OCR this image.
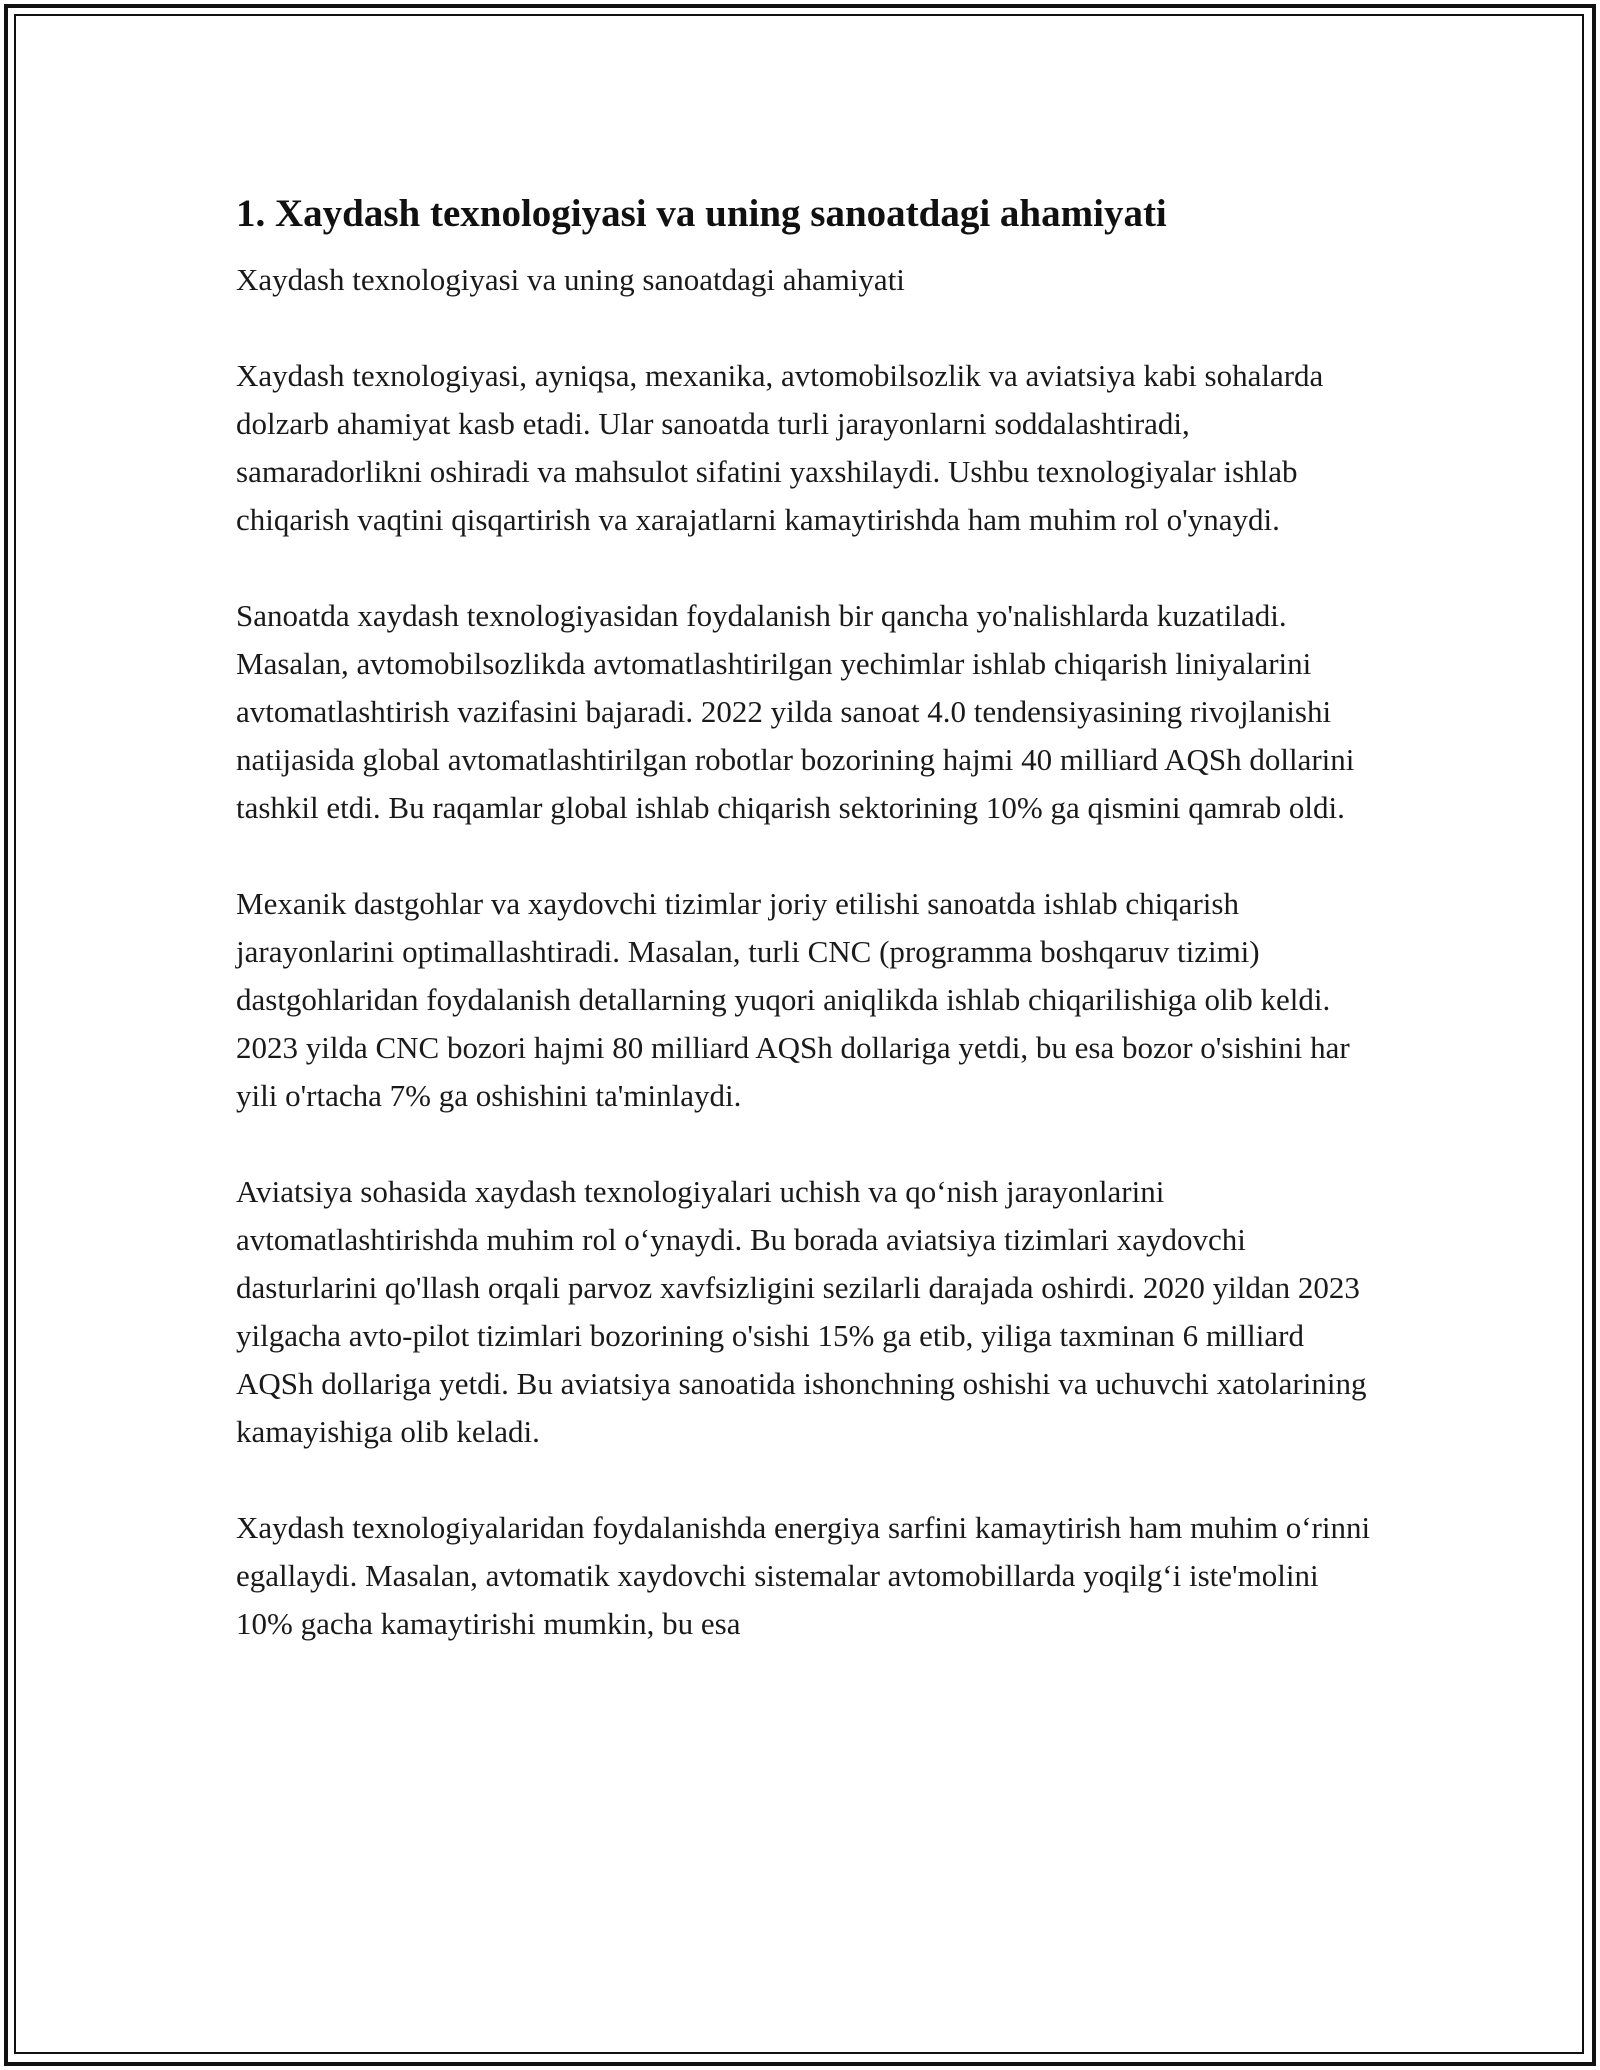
1. Xaydash texnologiyasi va uning sanoatdagi ahamiyati

Xaydash texnologiyasi va uning sanoatdagi ahamiyati

Xaydash texnologiyasi, ayniqsa, mexanika, avtomobilsozlik va aviatsiya kabi sohalarda dolzarb ahamiyat kasb etadi. Ular sanoatda turli jarayonlarni soddalashtiradi, samaradorlikni oshiradi va mahsulot sifatini yaxshilaydi. Ushbu texnologiyalar ishlab chiqarish vaqtini qisqartirish va xarajatlarni kamaytirishda ham muhim rol o'ynaydi.

Sanoatda xaydash texnologiyasidan foydalanish bir qancha yo'nalishlarda kuzatiladi. Masalan, avtomobilsozlikda avtomatlashtirilgan yechimlar ishlab chiqarish liniyalarini avtomatlashtirish vazifasini bajaradi. 2022 yilda sanoat 4.0 tendensiyasining rivojlanishi natijasida global avtomatlashtirilgan robotlar bozorining hajmi 40 milliard AQSh dollarini tashkil etdi. Bu raqamlar global ishlab chiqarish sektorining 10% ga qismini qamrab oldi.

Mexanik dastgohlar va xaydovchi tizimlar joriy etilishi sanoatda ishlab chiqarish jarayonlarini optimallashtiradi. Masalan, turli CNC (programma boshqaruv tizimi) dastgohlaridan foydalanish detallarning yuqori aniqlikda ishlab chiqarilishiga olib keldi. 2023 yilda CNC bozori hajmi 80 milliard AQSh dollariga yetdi, bu esa bozor o'sishini har yili o'rtacha 7% ga oshishini ta'minlaydi.

Aviatsiya sohasida xaydash texnologiyalari uchish va qo‘nish jarayonlarini avtomatlashtirishda muhim rol o‘ynaydi. Bu borada aviatsiya tizimlari xaydovchi dasturlarini qo'llash orqali parvoz xavfsizligini sezilarli darajada oshirdi. 2020 yildan 2023 yilgacha avto-pilot tizimlari bozorining o'sishi 15% ga etib, yiliga taxminan 6 milliard AQSh dollariga yetdi. Bu aviatsiya sanoatida ishonchning oshishi va uchuvchi xatolarining kamayishiga olib keladi.

Xaydash texnologiyalaridan foydalanishda energiya sarfini kamaytirish ham muhim o‘rinni egallaydi. Masalan, avtomatik xaydovchi sistemalar avtomobillarda yoqilg‘i iste'molini 10% gacha kamaytirishi mumkin, bu esa
